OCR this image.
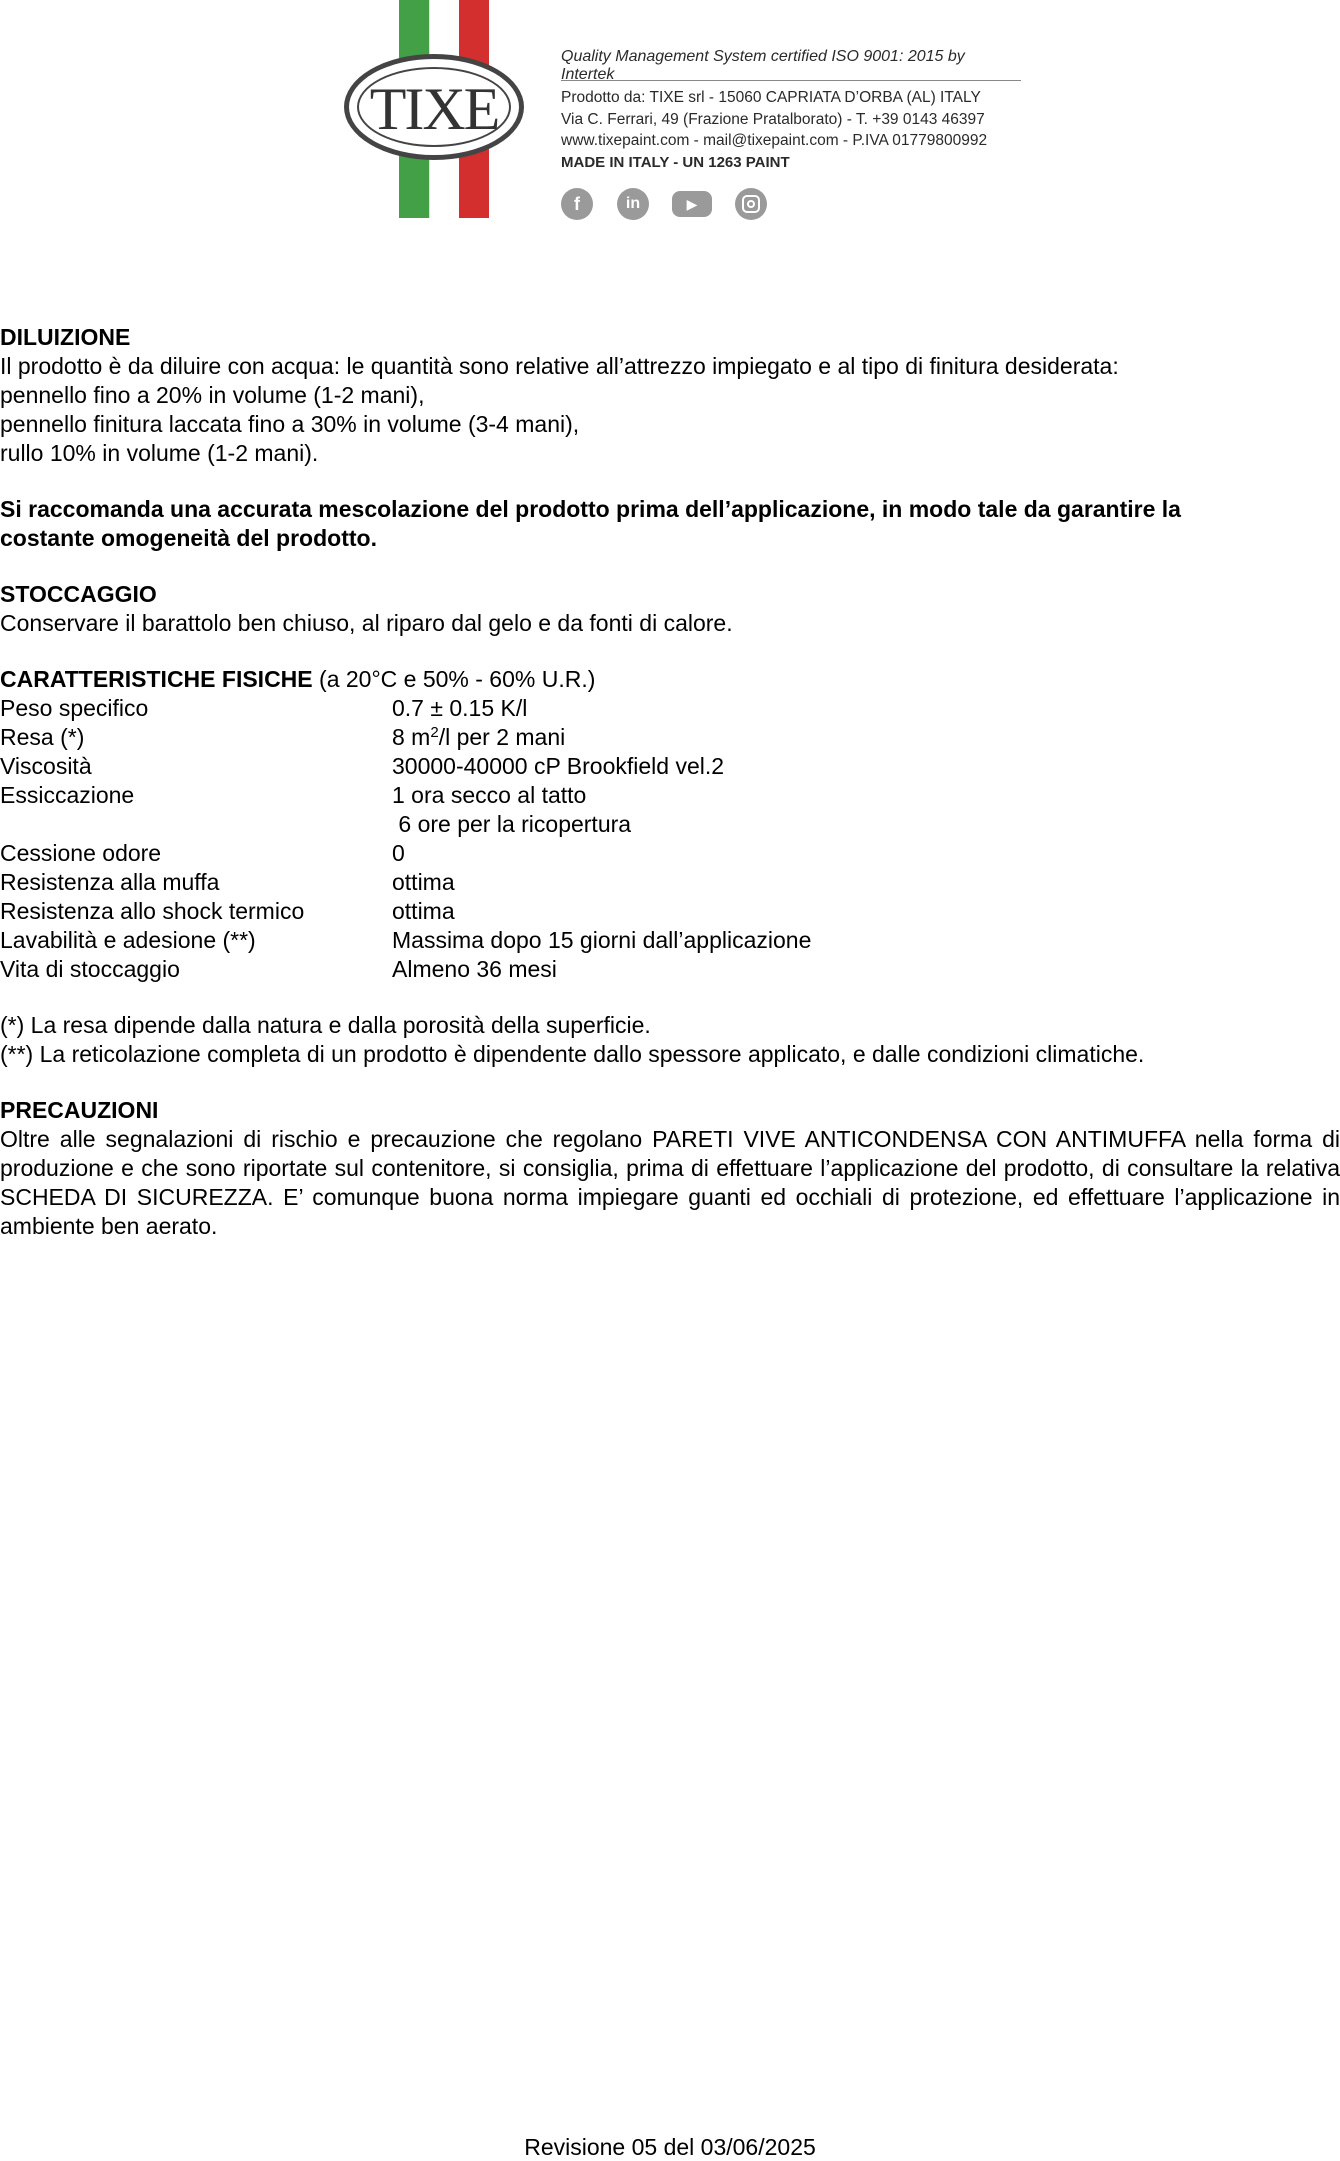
TIXE
Quality Management System certified ISO 9001: 2015 by Intertek
Prodotto da: TIXE srl - 15060 CAPRIATA D’ORBA (AL) ITALY
Via C. Ferrari, 49 (Frazione Pratalborato) - T. +39 0143 46397
www.tixepaint.com - mail@tixepaint.com - P.IVA 01779800992
MADE IN ITALY - UN 1263 PAINT
f	in	▶
DILUIZIONE
Il prodotto è da diluire con acqua: le quantità sono relative all’attrezzo impiegato e al tipo di finitura desiderata:
pennello fino a 20% in volume (1-2 mani),
pennello finitura laccata fino a 30% in volume (3-4 mani),
rullo 10% in volume (1-2 mani).
Si raccomanda una accurata mescolazione del prodotto prima dell’applicazione, in modo tale da garantire la
costante omogeneità del prodotto.
STOCCAGGIO
Conservare il barattolo ben chiuso, al riparo dal gelo e da fonti di calore.
CARATTERISTICHE FISICHE (a 20°C e 50% - 60% U.R.)
Peso specifico	0.7 ± 0.15 K/l
Resa (*)	8 $m^2/l$ per 2 mani
Viscosità	30000-40000 cP Brookfield vel.2
Essiccazione	1 ora secco al tatto
6 ore per la ricopertura
Cessione odore	0
Resistenza alla muffa	ottima
Resistenza allo shock termico	ottima
Lavabilità e adesione (**)	Massima dopo 15 giorni dall’applicazione
Vita di stoccaggio	Almeno 36 mesi
(*) La resa dipende dalla natura e dalla porosità della superficie.
(**) La reticolazione completa di un prodotto è dipendente dallo spessore applicato, e dalle condizioni climatiche.
PRECAUZIONI
Oltre alle segnalazioni di rischio e precauzione che regolano PARETI VIVE ANTICONDENSA CON ANTIMUFFA nella forma di produzione e che sono riportate sul contenitore, si consiglia, prima di effettuare l’applicazione del prodotto, di consultare la relativa SCHEDA DI SICUREZZA. E’ comunque buona norma impiegare guanti ed occhiali di protezione, ed effettuare l’applicazione in ambiente ben aerato.
Revisione 05 del 03/06/2025
